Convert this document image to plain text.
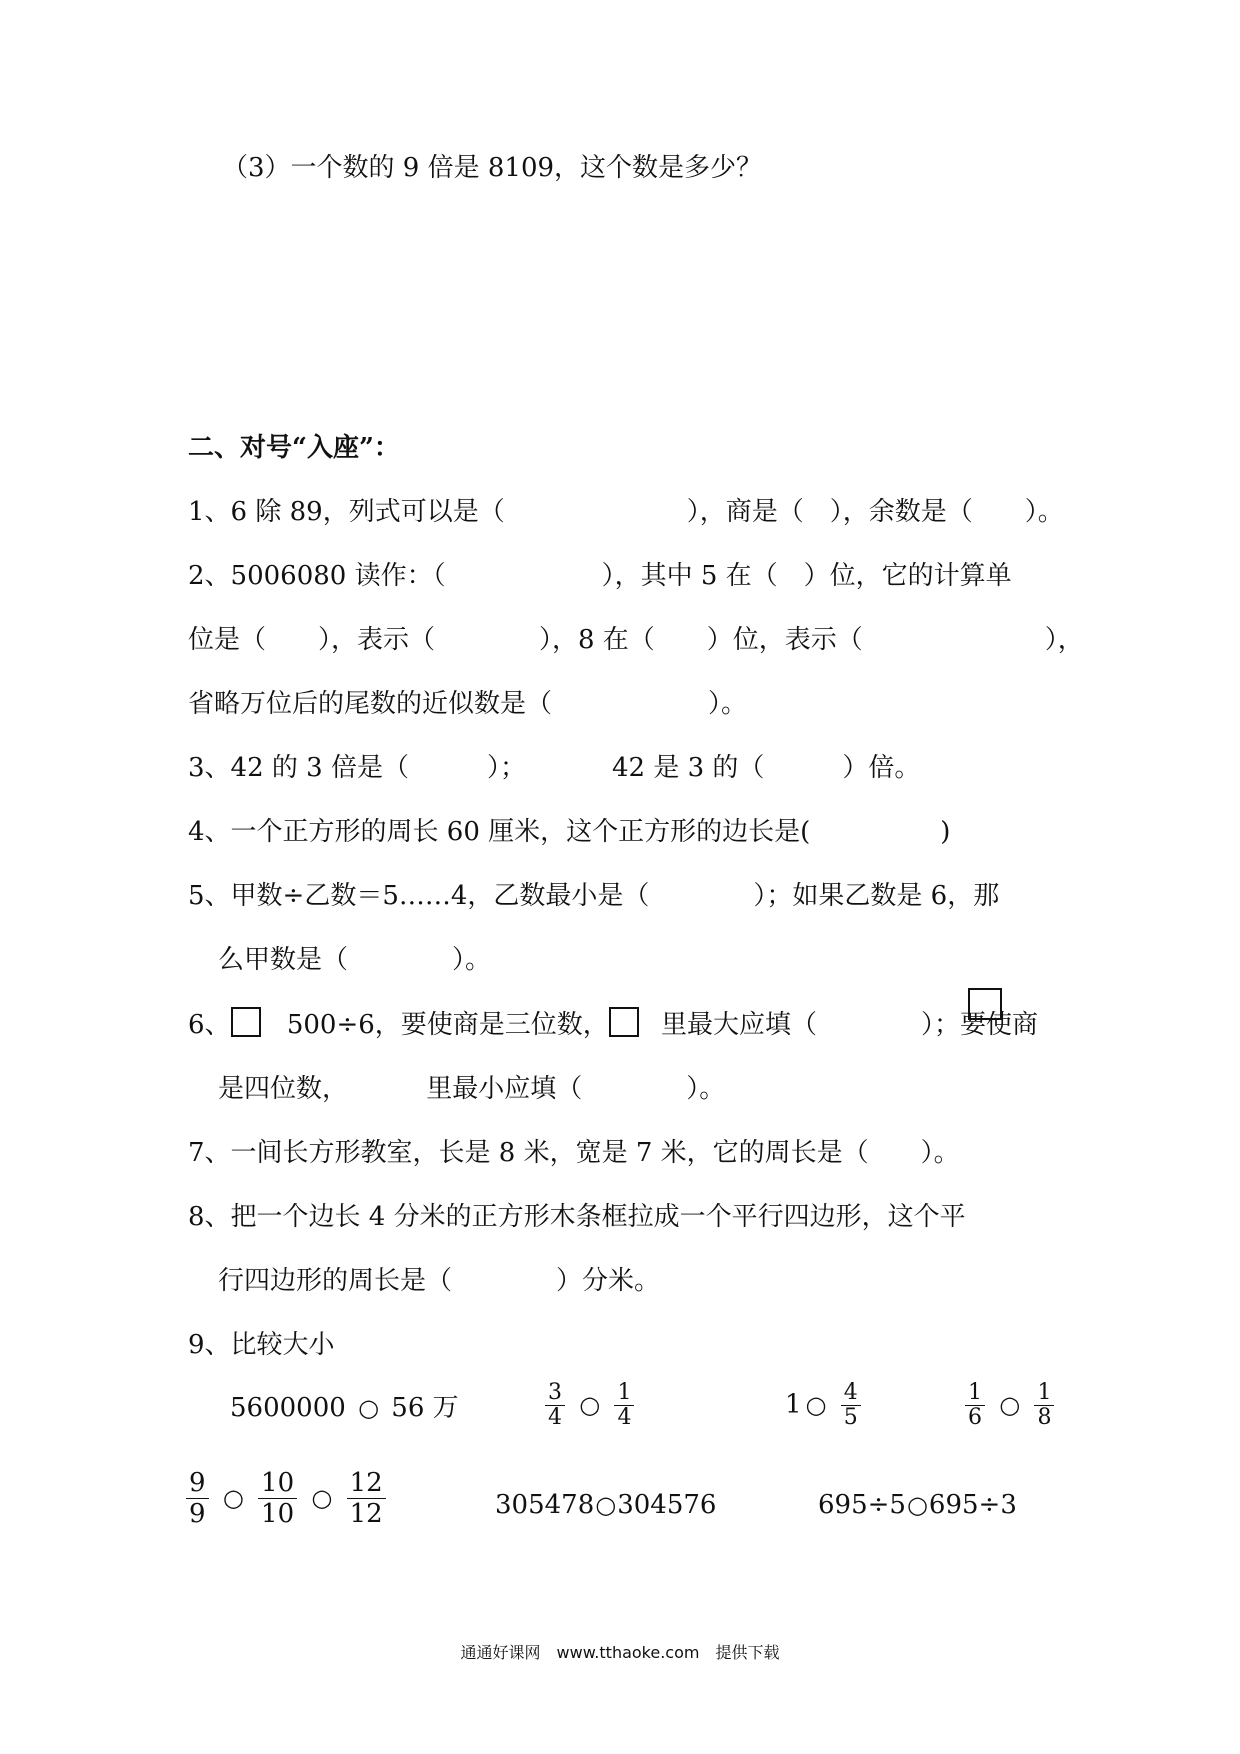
（3）一个数的 9 倍是 8109，这个数是多少？
二、对号“入座”：
1、6 除 89，列式可以是（　　　　　　　），商是（　），余数是（　　）。
2、5006080 读作：（　　　　　　），其中 5 在（　）位，它的计算单
位是（　　），表示（　　　　），8 在（　　）位，表示（　　　　　　　），
省略万位后的尾数的近似数是（　　　　　　）。
3、42 的 3 倍是（　　　）；	42 是 3 的（　　　）倍。
4、一个正方形的周长 60 厘米，这个正方形的边长是(　　　　　)
5、甲数÷乙数＝5……4，乙数最小是（　　　　）；如果乙数是 6，那
么甲数是（　　　　）。
6、 500÷6，要使商是三位数， 里最大应填（　　　　）；要使商
是四位数，	里最小应填（　　　　）。
7、一间长方形教室，长是 8 米，宽是 7 米，它的周长是（　　）。
8、把一个边长 4 分米的正方形木条框拉成一个平行四边形，这个平
行四边形的周长是（　　　　）分米。
9、比较大小
5600000 ○ 56 万	$\frac{3}{4}$ ○ $\frac{1}{4}$	1 ○ $\frac{4}{5}$	$\frac{1}{6}$ ○ $\frac{1}{8}$
$\frac{9}{9}$ ○ $\frac{10}{10}$ ○ $\frac{12}{12}$	305478○304576	695÷5○695÷3
通通好课网　www.tthaoke.com　提供下载
